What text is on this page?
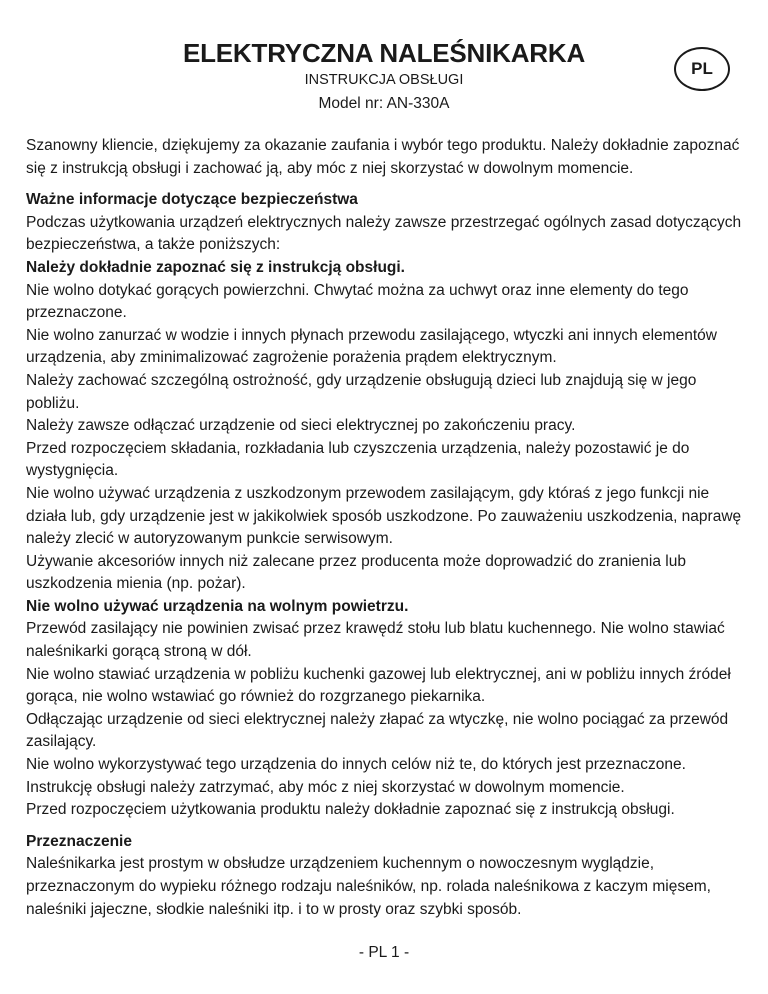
ELEKTRYCZNA NALEŚNIKARKA

INSTRUKCJA OBSŁUGI

Model nr: AN-330A

PL

Szanowny kliencie, dziękujemy za okazanie zaufania i wybór tego produktu. Należy dokładnie zapoznać się z instrukcją obsługi i zachować ją, aby móc z niej skorzystać w dowolnym momencie.

Ważne informacje dotyczące bezpieczeństwa

Podczas użytkowania urządzeń elektrycznych należy zawsze przestrzegać ogólnych zasad dotyczących bezpieczeństwa, a także poniższych:

Należy dokładnie zapoznać się z instrukcją obsługi.

Nie wolno dotykać gorących powierzchni. Chwytać można za uchwyt oraz inne elementy do tego przeznaczone.

Nie wolno zanurzać w wodzie i innych płynach przewodu zasilającego, wtyczki ani innych elementów urządzenia, aby zminimalizować zagrożenie porażenia prądem elektrycznym.

Należy zachować szczególną ostrożność, gdy urządzenie obsługują dzieci lub znajdują się w jego pobliżu.

Należy zawsze odłączać urządzenie od sieci elektrycznej po zakończeniu pracy.

Przed rozpoczęciem składania, rozkładania lub czyszczenia urządzenia, należy pozostawić je do wystygnięcia.

Nie wolno używać urządzenia z uszkodzonym przewodem zasilającym, gdy któraś z jego funkcji nie działa lub, gdy urządzenie jest w jakikolwiek sposób uszkodzone. Po zauważeniu uszkodzenia, naprawę należy zlecić w autoryzowanym punkcie serwisowym.

Używanie akcesoriów innych niż zalecane przez producenta może doprowadzić do zranienia lub uszkodzenia mienia (np. pożar).

Nie wolno używać urządzenia na wolnym powietrzu.

Przewód zasilający nie powinien zwisać przez krawędź stołu lub blatu kuchennego. Nie wolno stawiać naleśnikarki gorącą stroną w dół.

Nie wolno stawiać urządzenia w pobliżu kuchenki gazowej lub elektrycznej, ani w pobliżu innych źródeł gorąca, nie wolno wstawiać go również do rozgrzanego piekarnika.

Odłączając urządzenie od sieci elektrycznej należy złapać za wtyczkę, nie wolno pociągać za przewód zasilający.

Nie wolno wykorzystywać tego urządzenia do innych celów niż te, do których jest przeznaczone.

Instrukcję obsługi należy zatrzymać, aby móc z niej skorzystać w dowolnym momencie.

Przed rozpoczęciem użytkowania produktu należy dokładnie zapoznać się z instrukcją obsługi.

Przeznaczenie

Naleśnikarka jest prostym w obsłudze urządzeniem kuchennym o nowoczesnym wyglądzie, przeznaczonym do wypieku różnego rodzaju naleśników, np. rolada naleśnikowa z kaczym mięsem, naleśniki jajeczne, słodkie naleśniki itp. i to w prosty oraz szybki sposób.

- PL 1 -
